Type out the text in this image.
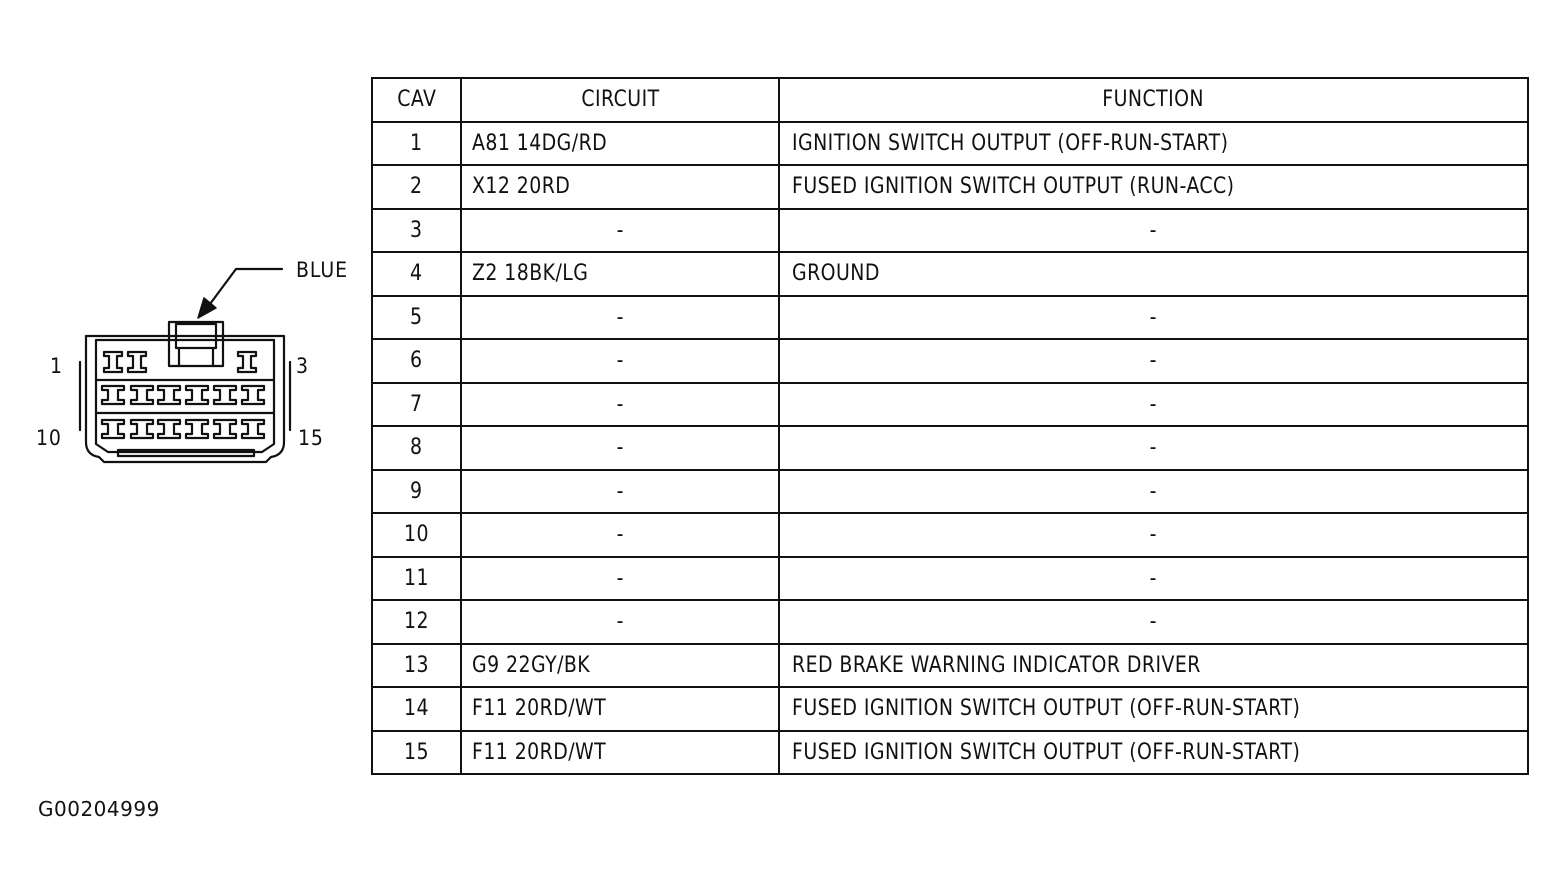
BLUE
1	3
10	15
CAV	CIRCUIT	FUNCTION
1	A81 14DG/RD	IGNITION SWITCH OUTPUT (OFF-RUN-START)
2	X12 20RD	FUSED IGNITION SWITCH OUTPUT (RUN-ACC)
3	-	-
4	Z2 18BK/LG	GROUND
5	-	-
6	-	-
7	-	-
8	-	-
9	-	-
10	-	-
11	-	-
12	-	-
13	G9 22GY/BK	RED BRAKE WARNING INDICATOR DRIVER
14	F11 20RD/WT	FUSED IGNITION SWITCH OUTPUT (OFF-RUN-START)
15	F11 20RD/WT	FUSED IGNITION SWITCH OUTPUT (OFF-RUN-START)
G00204999
